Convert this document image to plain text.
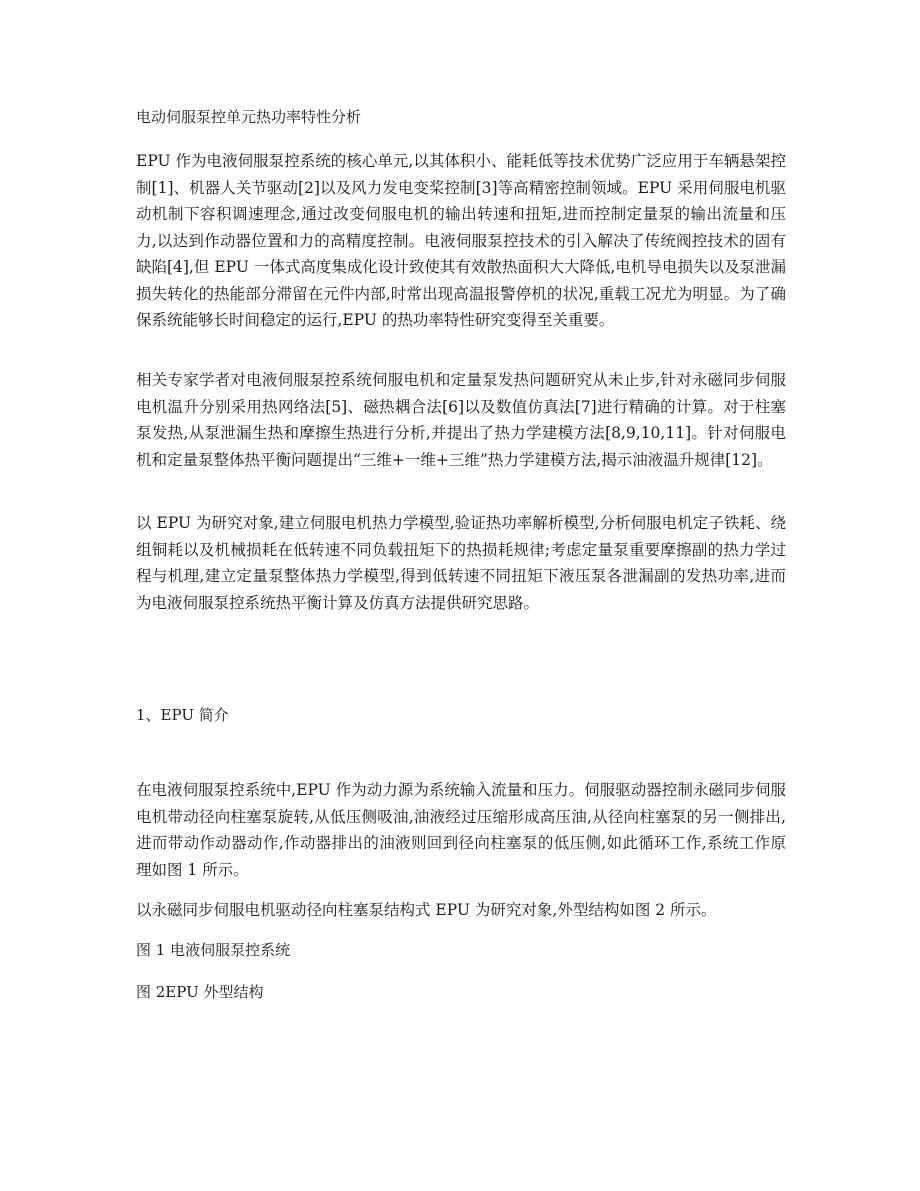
电动伺服泵控单元热功率特性分析

EPU 作为电液伺服泵控系统的核心单元,以其体积小、能耗低等技术优势广泛应用于车辆悬架控制[1]、机器人关节驱动[2]以及风力发电变桨控制[3]等高精密控制领域。EPU 采用伺服电机驱动机制下容积调速理念,通过改变伺服电机的输出转速和扭矩,进而控制定量泵的输出流量和压力,以达到作动器位置和力的高精度控制。电液伺服泵控技术的引入解决了传统阀控技术的固有缺陷[4],但 EPU 一体式高度集成化设计致使其有效散热面积大大降低,电机导电损失以及泵泄漏损失转化的热能部分滞留在元件内部,时常出现高温报警停机的状况,重载工况尤为明显。为了确保系统能够长时间稳定的运行,EPU 的热功率特性研究变得至关重要。

相关专家学者对电液伺服泵控系统伺服电机和定量泵发热问题研究从未止步,针对永磁同步伺服电机温升分别采用热网络法[5]、磁热耦合法[6]以及数值仿真法[7]进行精确的计算。对于柱塞泵发热,从泵泄漏生热和摩擦生热进行分析,并提出了热力学建模方法[8,9,10,11]。针对伺服电机和定量泵整体热平衡问题提出“三维+一维+三维”热力学建模方法,揭示油液温升规律[12]。

以 EPU 为研究对象,建立伺服电机热力学模型,验证热功率解析模型,分析伺服电机定子铁耗、绕组铜耗以及机械损耗在低转速不同负载扭矩下的热损耗规律;考虑定量泵重要摩擦副的热力学过程与机理,建立定量泵整体热力学模型,得到低转速不同扭矩下液压泵各泄漏副的发热功率,进而为电液伺服泵控系统热平衡计算及仿真方法提供研究思路。

1、EPU 简介

在电液伺服泵控系统中,EPU 作为动力源为系统输入流量和压力。伺服驱动器控制永磁同步伺服电机带动径向柱塞泵旋转,从低压侧吸油,油液经过压缩形成高压油,从径向柱塞泵的另一侧排出,进而带动作动器动作,作动器排出的油液则回到径向柱塞泵的低压侧,如此循环工作,系统工作原理如图 1 所示。

以永磁同步伺服电机驱动径向柱塞泵结构式 EPU 为研究对象,外型结构如图 2 所示。

图 1 电液伺服泵控系统

图 2EPU 外型结构
